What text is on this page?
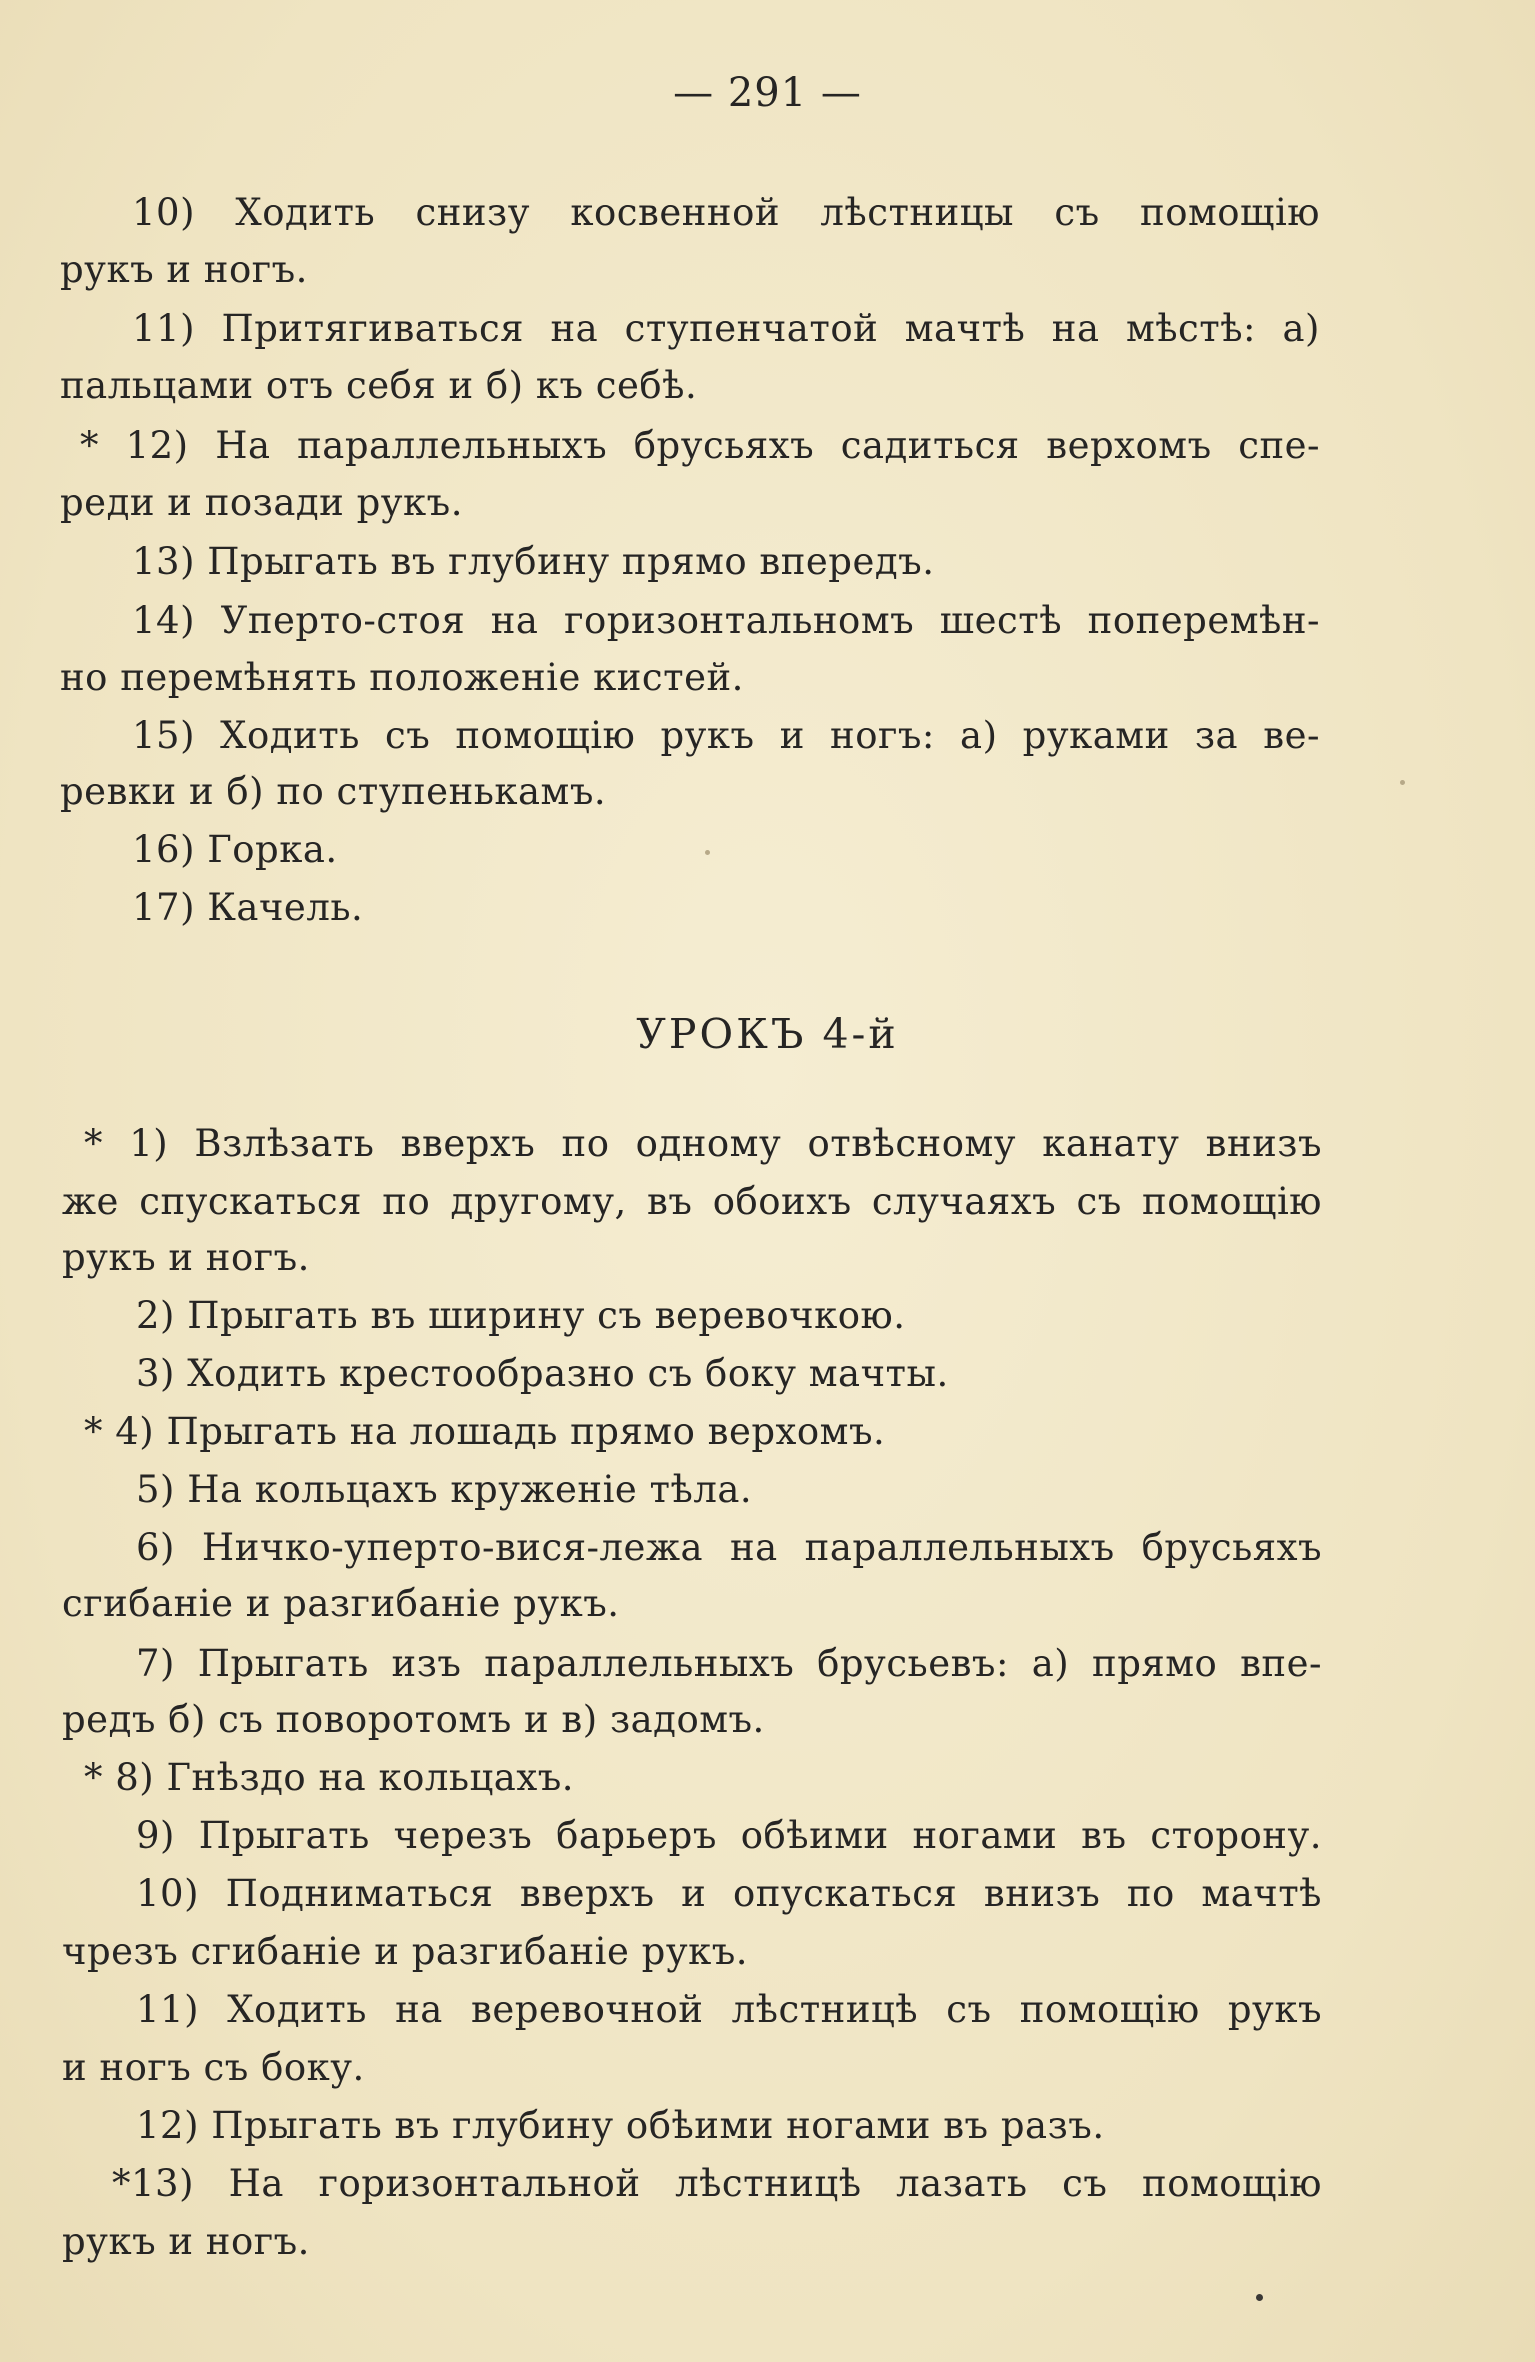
— 291 —
10) Ходить снизу косвенной лѣстницы съ помощію
рукъ и ногъ.
11) Притягиваться на ступенчатой мачтѣ на мѣстѣ: а)
пальцами отъ себя и б) къ себѣ.
* 12) На параллельныхъ брусьяхъ садиться верхомъ спе-
реди и позади рукъ.
13) Прыгать въ глубину прямо впередъ.
14) Уперто-стоя на горизонтальномъ шестѣ поперемѣн-
но перемѣнять положеніе кистей.
15) Ходить съ помощію рукъ и ногъ: а) руками за ве-
ревки и б) по ступенькамъ.
16) Горка.
17) Качель.
УРОКЪ 4-й
* 1) Взлѣзать вверхъ по одному отвѣсному канату внизъ
же спускаться по другому, въ обоихъ случаяхъ съ помощію
рукъ и ногъ.
2) Прыгать въ ширину съ веревочкою.
3) Ходить крестообразно съ боку мачты.
* 4) Прыгать на лошадь прямо верхомъ.
5) На кольцахъ круженіе тѣла.
6) Ничко-уперто-вися-лежа на параллельныхъ брусьяхъ
сгибаніе и разгибаніе рукъ.
7) Прыгать изъ параллельныхъ брусьевъ: а) прямо впе-
редъ б) съ поворотомъ и в) задомъ.
* 8) Гнѣздо на кольцахъ.
9) Прыгать черезъ барьеръ обѣими ногами въ сторону.
10) Подниматься вверхъ и опускаться внизъ по мачтѣ
чрезъ сгибаніе и разгибаніе рукъ.
11) Ходить на веревочной лѣстницѣ съ помощію рукъ
и ногъ съ боку.
12) Прыгать въ глубину обѣими ногами въ разъ.
*13) На горизонтальной лѣстницѣ лазать съ помощію
рукъ и ногъ.
